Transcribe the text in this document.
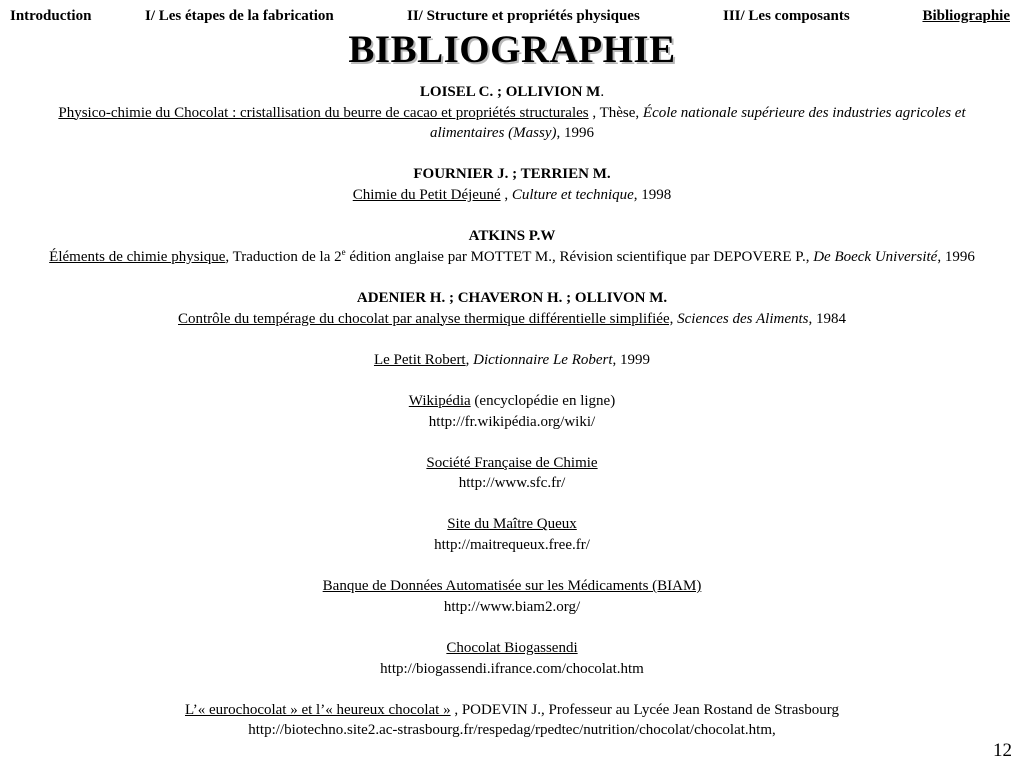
Introduction	I/ Les étapes de la fabrication	II/ Structure et propriétés physiques	III/ Les composants	Bibliographie
BIBLIOGRAPHIE
LOISEL C. ; OLLIVION M.
Physico-chimie du Chocolat : cristallisation du beurre de cacao et propriétés structurales , Thèse, École nationale supérieure des industries agricoles et alimentaires (Massy), 1996
FOURNIER J. ; TERRIEN M.
Chimie du Petit Déjeuné , Culture et technique, 1998
ATKINS P.W
Éléments de chimie physique, Traduction de la 2e édition anglaise par MOTTET M., Révision scientifique par DEPOVERE P., De Boeck Université, 1996
ADENIER H. ; CHAVERON H. ; OLLIVON M.
Contrôle du tempérage du chocolat par analyse thermique différentielle simplifiée, Sciences des Aliments, 1984
Le Petit Robert, Dictionnaire Le Robert, 1999
Wikipédia (encyclopédie en ligne)
http://fr.wikipédia.org/wiki/
Société Française de Chimie
http://www.sfc.fr/
Site du Maître Queux
http://maitrequeux.free.fr/
Banque de Données Automatisée sur les Médicaments (BIAM)
http://www.biam2.org/
Chocolat Biogassendi
http://biogassendi.ifrance.com/chocolat.htm
L’« eurochocolat » et l’« heureux chocolat » , PODEVIN J., Professeur au Lycée Jean Rostand de Strasbourg
http://biotechno.site2.ac-strasbourg.fr/respedag/rpedtec/nutrition/chocolat/chocolat.htm,
12
